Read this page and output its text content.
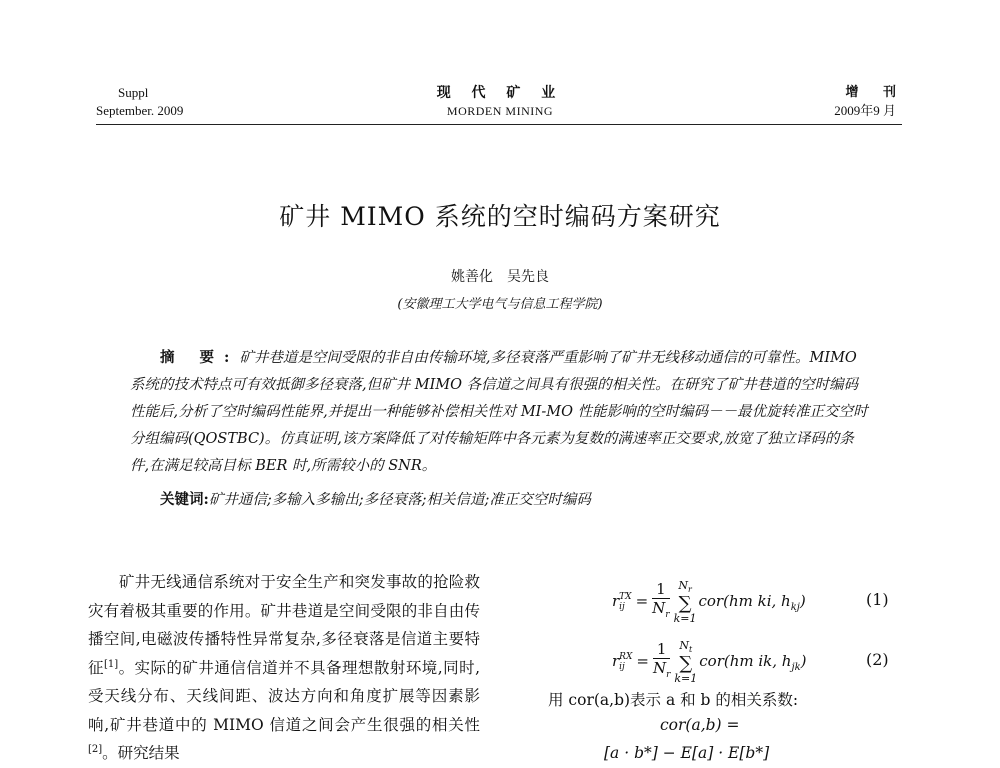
Suppl
September. 2009
现 代 矿 业
MORDEN MINING
增 刊
2009年9 月
矿井 MIMO 系统的空时编码方案研究
姚善化　吴先良
(安徽理工大学电气与信息工程学院)

摘 要:矿井巷道是空间受限的非自由传输环境,多径衰落严重影响了矿井无线移动通信的可靠性。MIMO 系统的技术特点可有效抵御多径衰落,但矿井 MIMO 各信道之间具有很强的相关性。在研究了矿井巷道的空时编码性能后,分析了空时编码性能界,并提出一种能够补偿相关性对 MI-MO 性能影响的空时编码－－最优旋转准正交空时分组编码(QOSTBC)。仿真证明,该方案降低了对传输矩阵中各元素为复数的满速率正交要求,放宽了独立译码的条件,在满足较高目标 BER 时,所需较小的 SNR。

关键词:矿井通信;多输入多输出;多径衰落;相关信道;准正交空时编码

矿井无线通信系统对于安全生产和突发事故的抢险救灾有着极其重要的作用。矿井巷道是空间受限的非自由传播空间,电磁波传播特性异常复杂,多径衰落是信道主要特征[1]。实际的矿井通信信道并不具备理想散射环境,同时,受天线分布、天线间距、波达方向和角度扩展等因素影响,矿井巷道中的 MIMO 信道之间会产生很强的相关性[2]。研究结果

r TX
ij = $\frac{1}{N_r} N_r$
∑
k=1
cor(hm ki, $h_{kj}$)	(1)
r RX
ij = $\frac{1}{N_r} N_t$
∑
k=1
cor(hm ik, $h_{jk}$)	(2)
用 cor(a,b)表示 a 和 b 的相关系数:
cor(a,b) =
[a · b*] − E[a] · E[b*]
